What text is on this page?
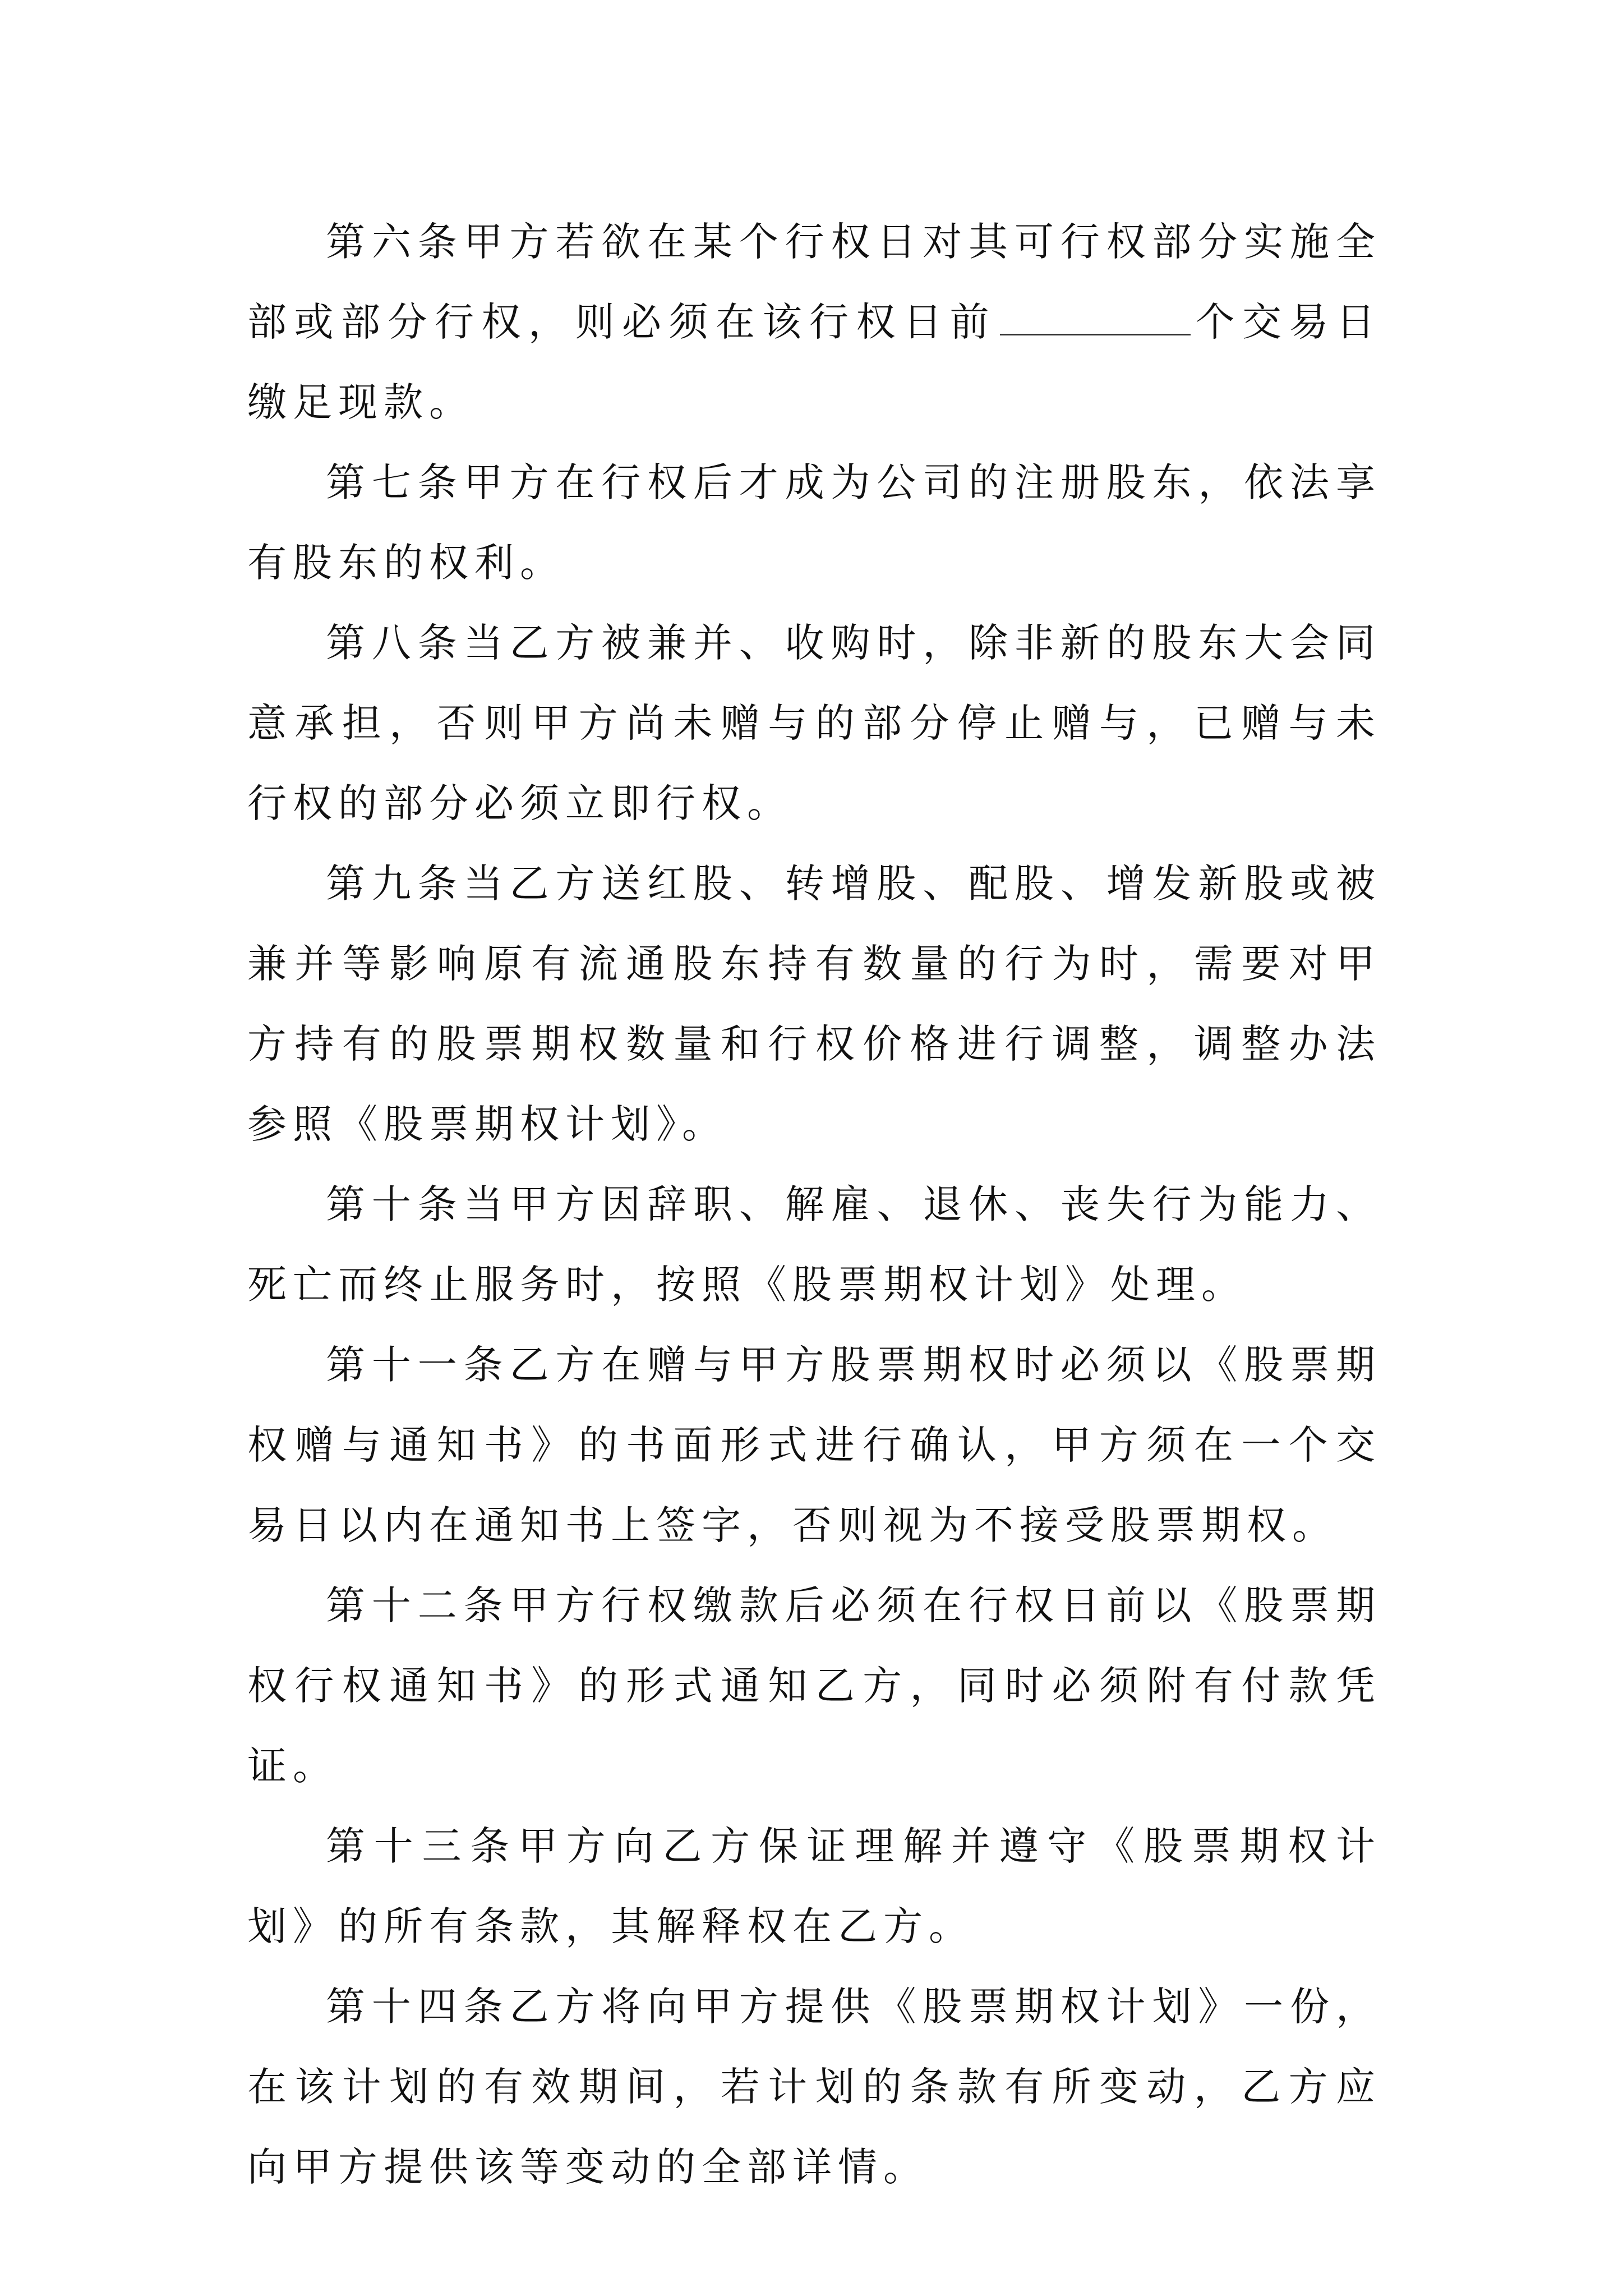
第六条甲方若欲在某个行权日对其可行权部分实施全部或部分行权，则必须在该行权日前	个交易日缴足现款。

第七条甲方在行权后才成为公司的注册股东，依法享有股东的权利。

第八条当乙方被兼并、收购时，除非新的股东大会同意承担，否则甲方尚未赠与的部分停止赠与，已赠与未行权的部分必须立即行权。

第九条当乙方送红股、转增股、配股、增发新股或被兼并等影响原有流通股东持有数量的行为时，需要对甲方持有的股票期权数量和行权价格进行调整，调整办法参照《股票期权计划》。

第十条当甲方因辞职、解雇、退休、丧失行为能力、死亡而终止服务时，按照《股票期权计划》处理。

第十一条乙方在赠与甲方股票期权时必须以《股票期权赠与通知书》的书面形式进行确认，甲方须在一个交易日以内在通知书上签字，否则视为不接受股票期权。

第十二条甲方行权缴款后必须在行权日前以《股票期权行权通知书》的形式通知乙方，同时必须附有付款凭证。

第十三条甲方向乙方保证理解并遵守《股票期权计划》的所有条款，其解释权在乙方。

第十四条乙方将向甲方提供《股票期权计划》一份，在该计划的有效期间，若计划的条款有所变动，乙方应向甲方提供该等变动的全部详情。
